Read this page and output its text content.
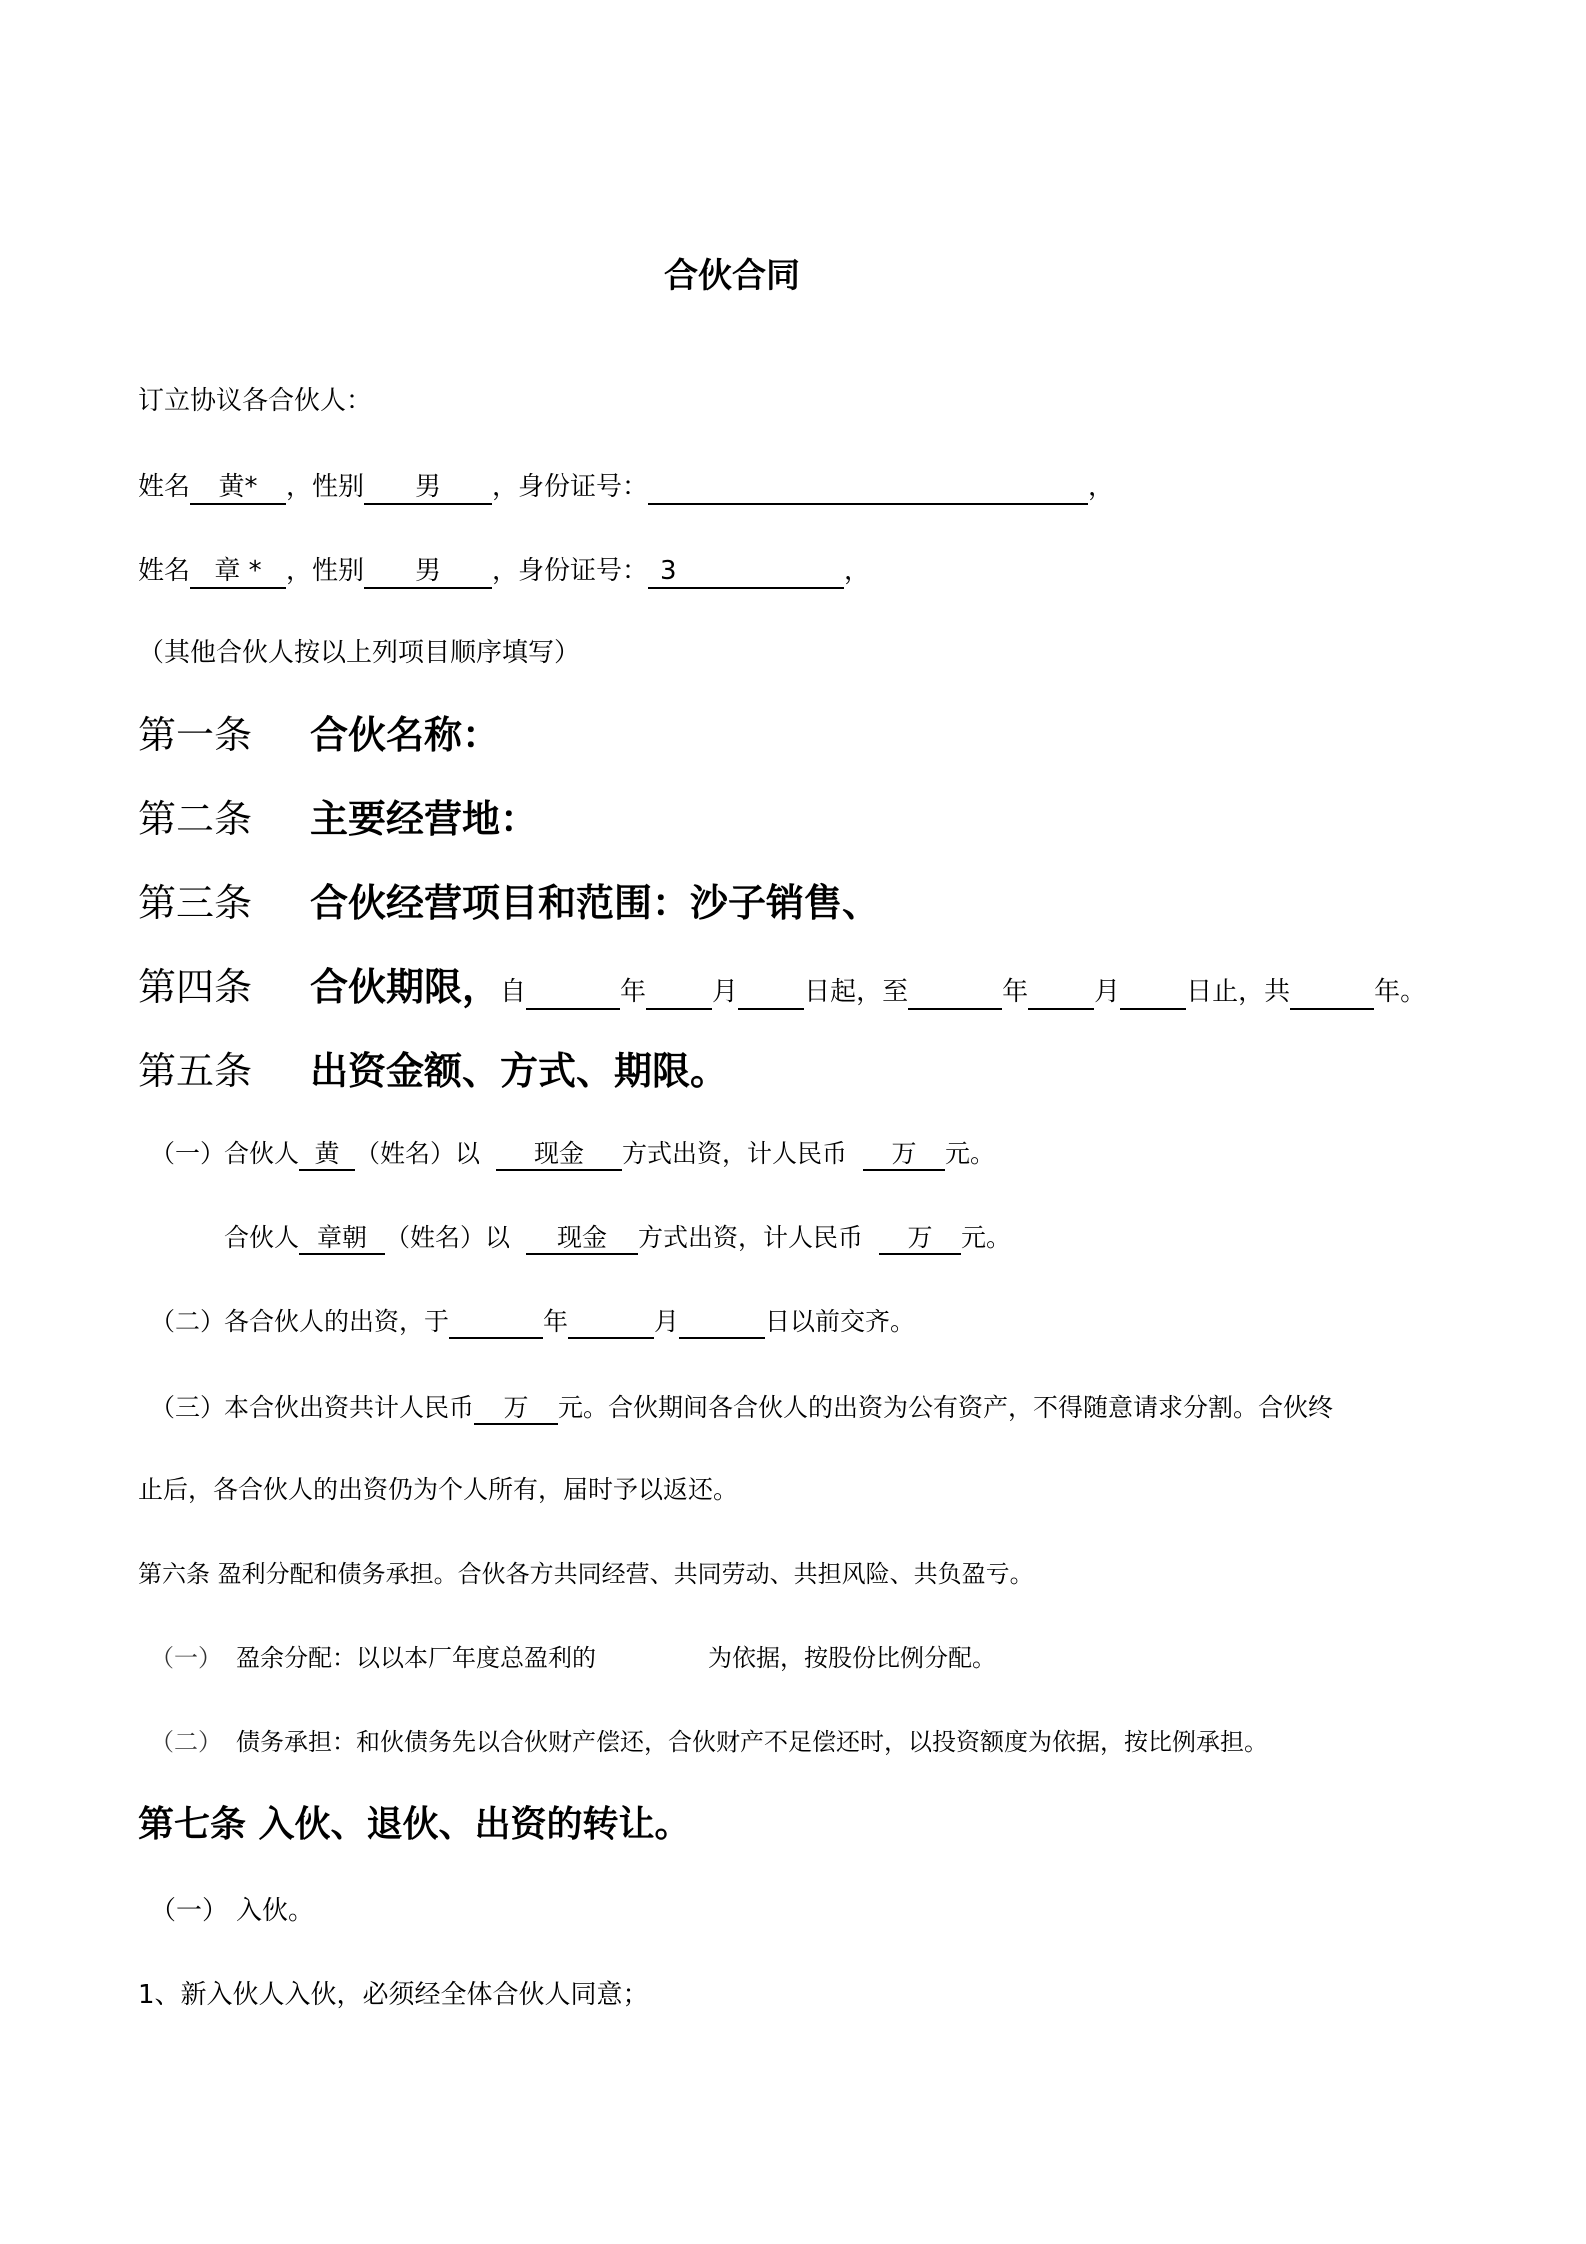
合伙合同
订立协议各合伙人：
姓名 黄* ，性别 男 ，身份证号：	，
姓名 章 * ，性别 男 ，身份证号： 3	，
（其他合伙人按以上列项目顺序填写）
第一条 合伙名称：
第二条 主要经营地：
第三条 合伙经营项目和范围：沙子销售、
第四条 合伙期限，自	年	月	日起，至	年	月	日止，共	年。
第五条 出资金额、方式、期限。
（一）合伙人 黄 （姓名）以 现金 方式出资，计人民币 万 元。
合伙人 章朝 （姓名）以 现金 方式出资，计人民币 万 元。
（二）各合伙人的出资，于	年	月	日以前交齐。
（三）本合伙出资共计人民币 万 元。合伙期间各合伙人的出资为公有资产，不得随意请求分割。合伙终
止后，各合伙人的出资仍为个人所有，届时予以返还。
第六条 盈利分配和债务承担。合伙各方共同经营、共同劳动、共担风险、共负盈亏。
（一） 盈余分配：以以本厂年度总盈利的	为依据，按股份比例分配。
（二） 债务承担：和伙债务先以合伙财产偿还，合伙财产不足偿还时，以投资额度为依据，按比例承担。
第七条 入伙、退伙、出资的转让。
（一） 入伙。
1、新入伙人入伙，必须经全体合伙人同意；
